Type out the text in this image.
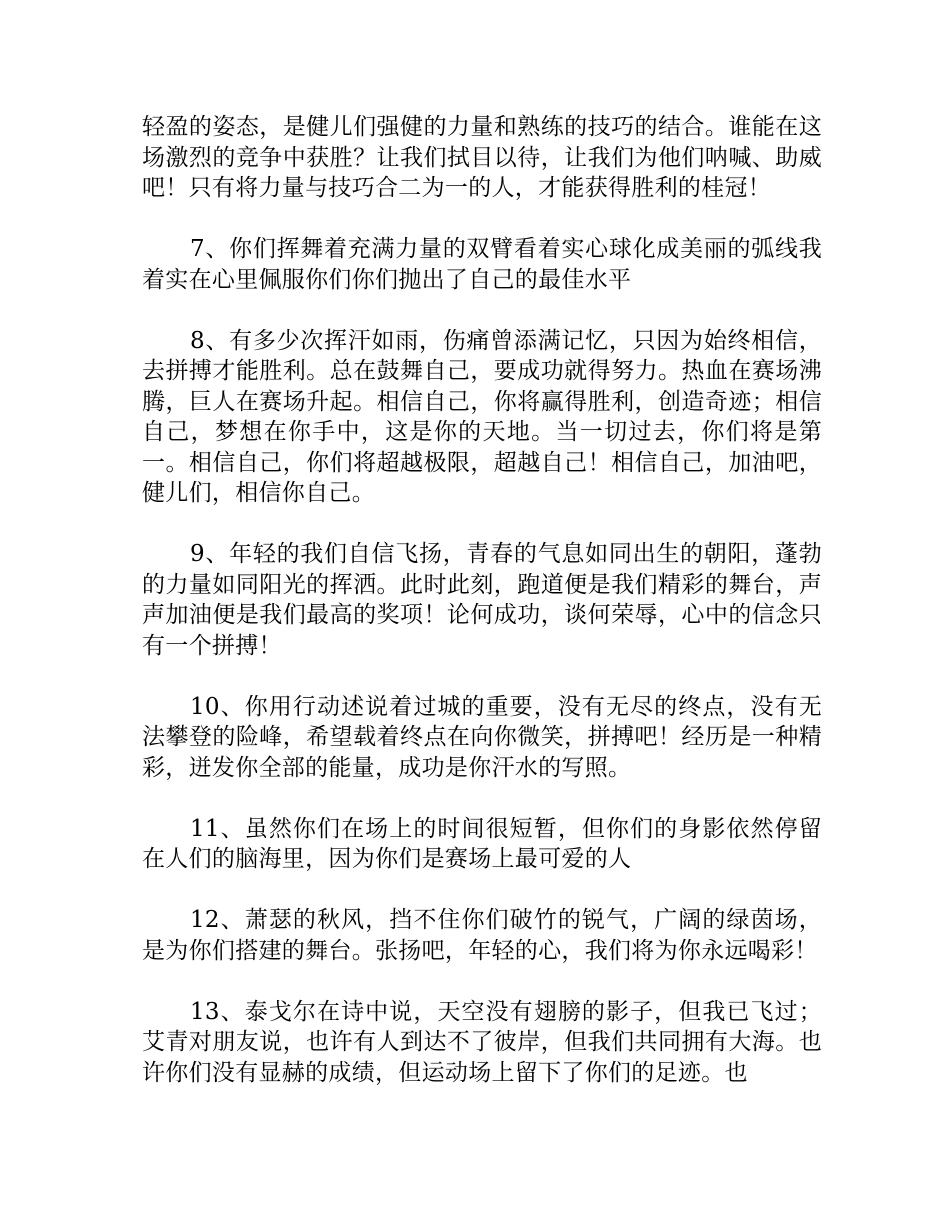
轻盈的姿态，是健儿们强健的力量和熟练的技巧的结合。谁能在这场激烈的竞争中获胜？让我们拭目以待，让我们为他们呐喊、助威吧！只有将力量与技巧合二为一的人，才能获得胜利的桂冠！

7、你们挥舞着充满力量的双臂看着实心球化成美丽的弧线我着实在心里佩服你们你们抛出了自己的最佳水平

8、有多少次挥汗如雨，伤痛曾添满记忆，只因为始终相信，去拼搏才能胜利。总在鼓舞自己，要成功就得努力。热血在赛场沸腾，巨人在赛场升起。相信自己，你将赢得胜利，创造奇迹；相信自己，梦想在你手中，这是你的天地。当一切过去，你们将是第一。相信自己，你们将超越极限，超越自己！相信自己，加油吧，健儿们，相信你自己。

9、年轻的我们自信飞扬，青春的气息如同出生的朝阳，蓬勃的力量如同阳光的挥洒。此时此刻，跑道便是我们精彩的舞台，声声加油便是我们最高的奖项！论何成功，谈何荣辱，心中的信念只有一个拼搏！

10、你用行动述说着过城的重要，没有无尽的终点，没有无法攀登的险峰，希望载着终点在向你微笑，拼搏吧！经历是一种精彩，迸发你全部的能量，成功是你汗水的写照。

11、虽然你们在场上的时间很短暂，但你们的身影依然停留在人们的脑海里，因为你们是赛场上最可爱的人

12、萧瑟的秋风，挡不住你们破竹的锐气，广阔的绿茵场，是为你们搭建的舞台。张扬吧，年轻的心，我们将为你永远喝彩！

13、泰戈尔在诗中说，天空没有翅膀的影子，但我已飞过；艾青对朋友说，也许有人到达不了彼岸，但我们共同拥有大海。也许你们没有显赫的成绩，但运动场上留下了你们的足迹。也
